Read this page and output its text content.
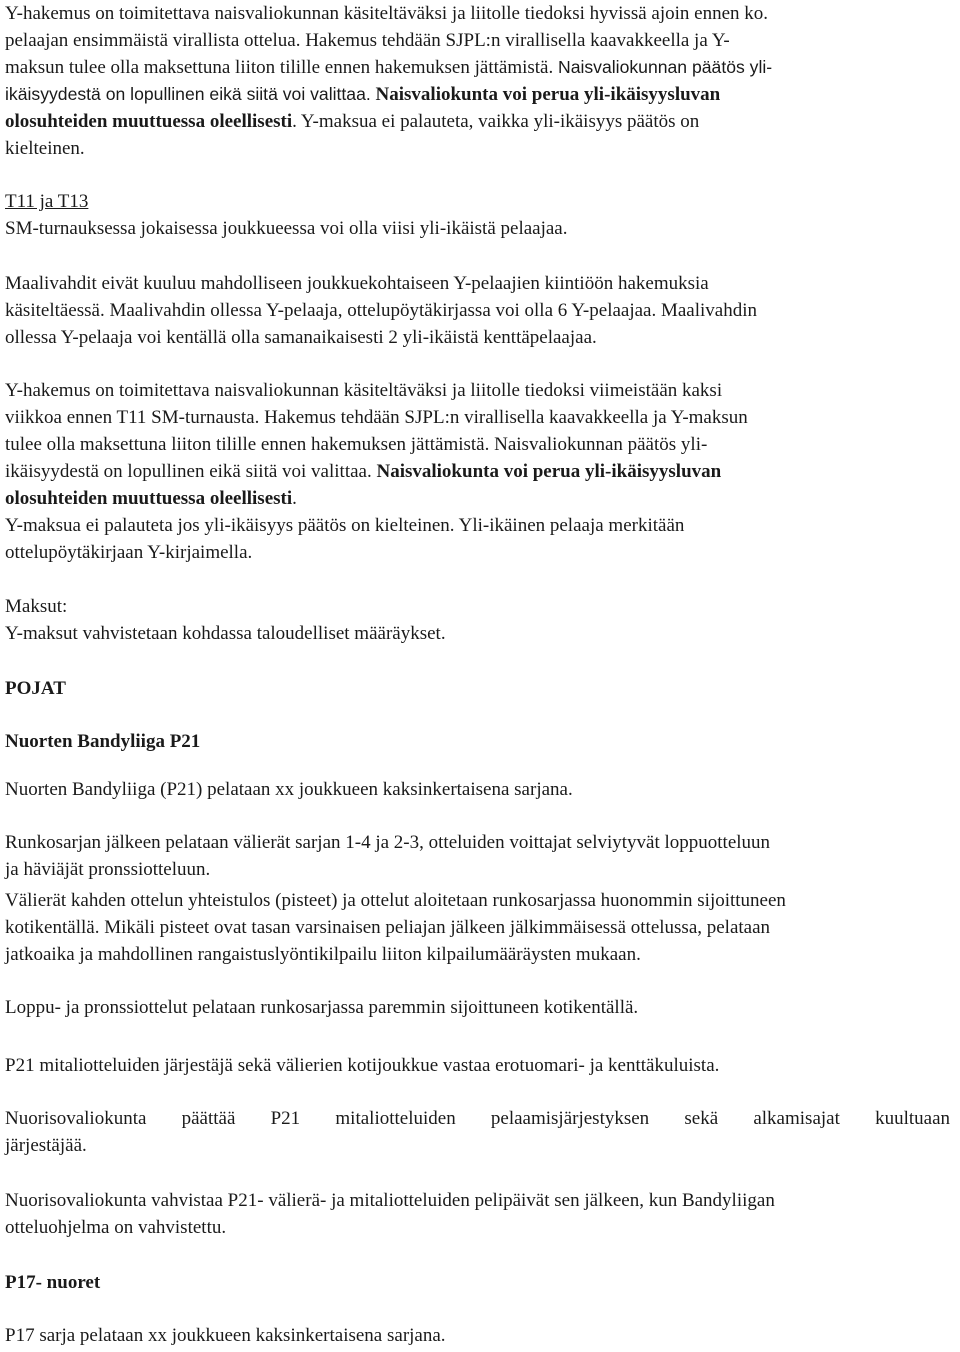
Y-hakemus on toimitettava naisvaliokunnan käsiteltäväksi ja liitolle tiedoksi hyvissä ajoin ennen ko.
pelaajan ensimmäistä virallista ottelua. Hakemus tehdään SJPL:n virallisella kaavakkeella ja Y-
maksun tulee olla maksettuna liiton tilille ennen hakemuksen jättämistä. Naisvaliokunnan päätös yli-
ikäisyydestä on lopullinen eikä siitä voi valittaa. Naisvaliokunta voi perua yli-ikäisyysluvan
olosuhteiden muuttuessa oleellisesti. Y-maksua ei palauteta, vaikka yli-ikäisyys päätös on
kielteinen.
T11 ja T13
SM-turnauksessa jokaisessa joukkueessa voi olla viisi yli-ikäistä pelaajaa.
Maalivahdit eivät kuuluu mahdolliseen joukkuekohtaiseen Y-pelaajien kiintiöön hakemuksia
käsiteltäessä. Maalivahdin ollessa Y-pelaaja, ottelupöytäkirjassa voi olla 6 Y-pelaajaa. Maalivahdin
ollessa Y-pelaaja voi kentällä olla samanaikaisesti 2 yli-ikäistä kenttäpelaajaa.
Y-hakemus on toimitettava naisvaliokunnan käsiteltäväksi ja liitolle tiedoksi viimeistään kaksi
viikkoa ennen T11 SM-turnausta. Hakemus tehdään SJPL:n virallisella kaavakkeella ja Y-maksun
tulee olla maksettuna liiton tilille ennen hakemuksen jättämistä. Naisvaliokunnan päätös yli-
ikäisyydestä on lopullinen eikä siitä voi valittaa. Naisvaliokunta voi perua yli-ikäisyysluvan
olosuhteiden muuttuessa oleellisesti.
Y-maksua ei palauteta jos yli-ikäisyys päätös on kielteinen. Yli-ikäinen pelaaja merkitään
ottelupöytäkirjaan Y-kirjaimella.
Maksut:
Y-maksut vahvistetaan kohdassa taloudelliset määräykset.
POJAT
Nuorten Bandyliiga P21
Nuorten Bandyliiga (P21) pelataan xx joukkueen kaksinkertaisena sarjana.
Runkosarjan jälkeen pelataan välierät sarjan 1-4 ja 2-3, otteluiden voittajat selviytyvät loppuotteluun
ja häviäjät pronssiotteluun.
Välierät kahden ottelun yhteistulos (pisteet) ja ottelut aloitetaan runkosarjassa huonommin sijoittuneen
kotikentällä. Mikäli pisteet ovat tasan varsinaisen peliajan jälkeen jälkimmäisessä ottelussa, pelataan
jatkoaika ja mahdollinen rangaistuslyöntikilpailu liiton kilpailumääräysten mukaan.
Loppu- ja pronssiottelut pelataan runkosarjassa paremmin sijoittuneen kotikentällä.
P21 mitaliotteluiden järjestäjä sekä välierien kotijoukkue vastaa erotuomari- ja kenttäkuluista.
Nuorisovaliokunta päättää P21 mitaliotteluiden pelaamisjärjestyksen sekä alkamisajat kuultuaan
järjestäjää.
Nuorisovaliokunta vahvistaa P21- välierä- ja mitaliotteluiden pelipäivät sen jälkeen, kun Bandyliigan
otteluohjelma on vahvistettu.
P17- nuoret
P17 sarja pelataan xx joukkueen kaksinkertaisena sarjana.
